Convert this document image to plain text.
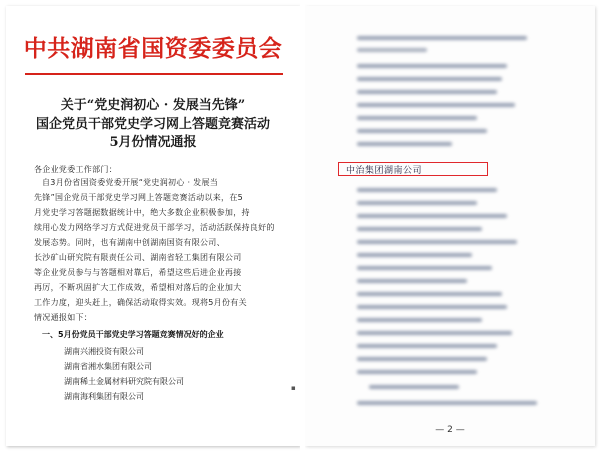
中共湖南省国资委委员会
关于“党史润初心 · 发展当先锋”
国企党员干部党史学习网上答题竞赛活动
5月份情况通报
各企业党委工作部门：
自3月份省国资委党委开展“党史润初心 · 发展当
先锋”国企党员干部党史学习网上答题竞赛活动以来，在5
月党史学习答题据数据统计中，绝大多数企业积极参加，持
续用心发力网络学习方式促进党员干部学习，活动活跃保持良好的
发展态势。同时，也有湖南中创湖南国资有限公司、
长沙矿山研究院有限责任公司、湖南省轻工集团有限公司
等企业党员参与与答题相对靠后，希望这些后进企业再接
再厉，不断巩固扩大工作成效，希望相对落后的企业加大
工作力度，迎头赶上，确保活动取得实效。现将5月份有关
情况通报如下：
一、5月份党员干部党史学习答题竞赛情况好的企业
湖南兴湘投资有限公司
湖南省湘水集团有限公司
湖南稀土金属材料研究院有限公司
湖南海利集团有限公司
▪
中治集团湖南公司
— 2 —
